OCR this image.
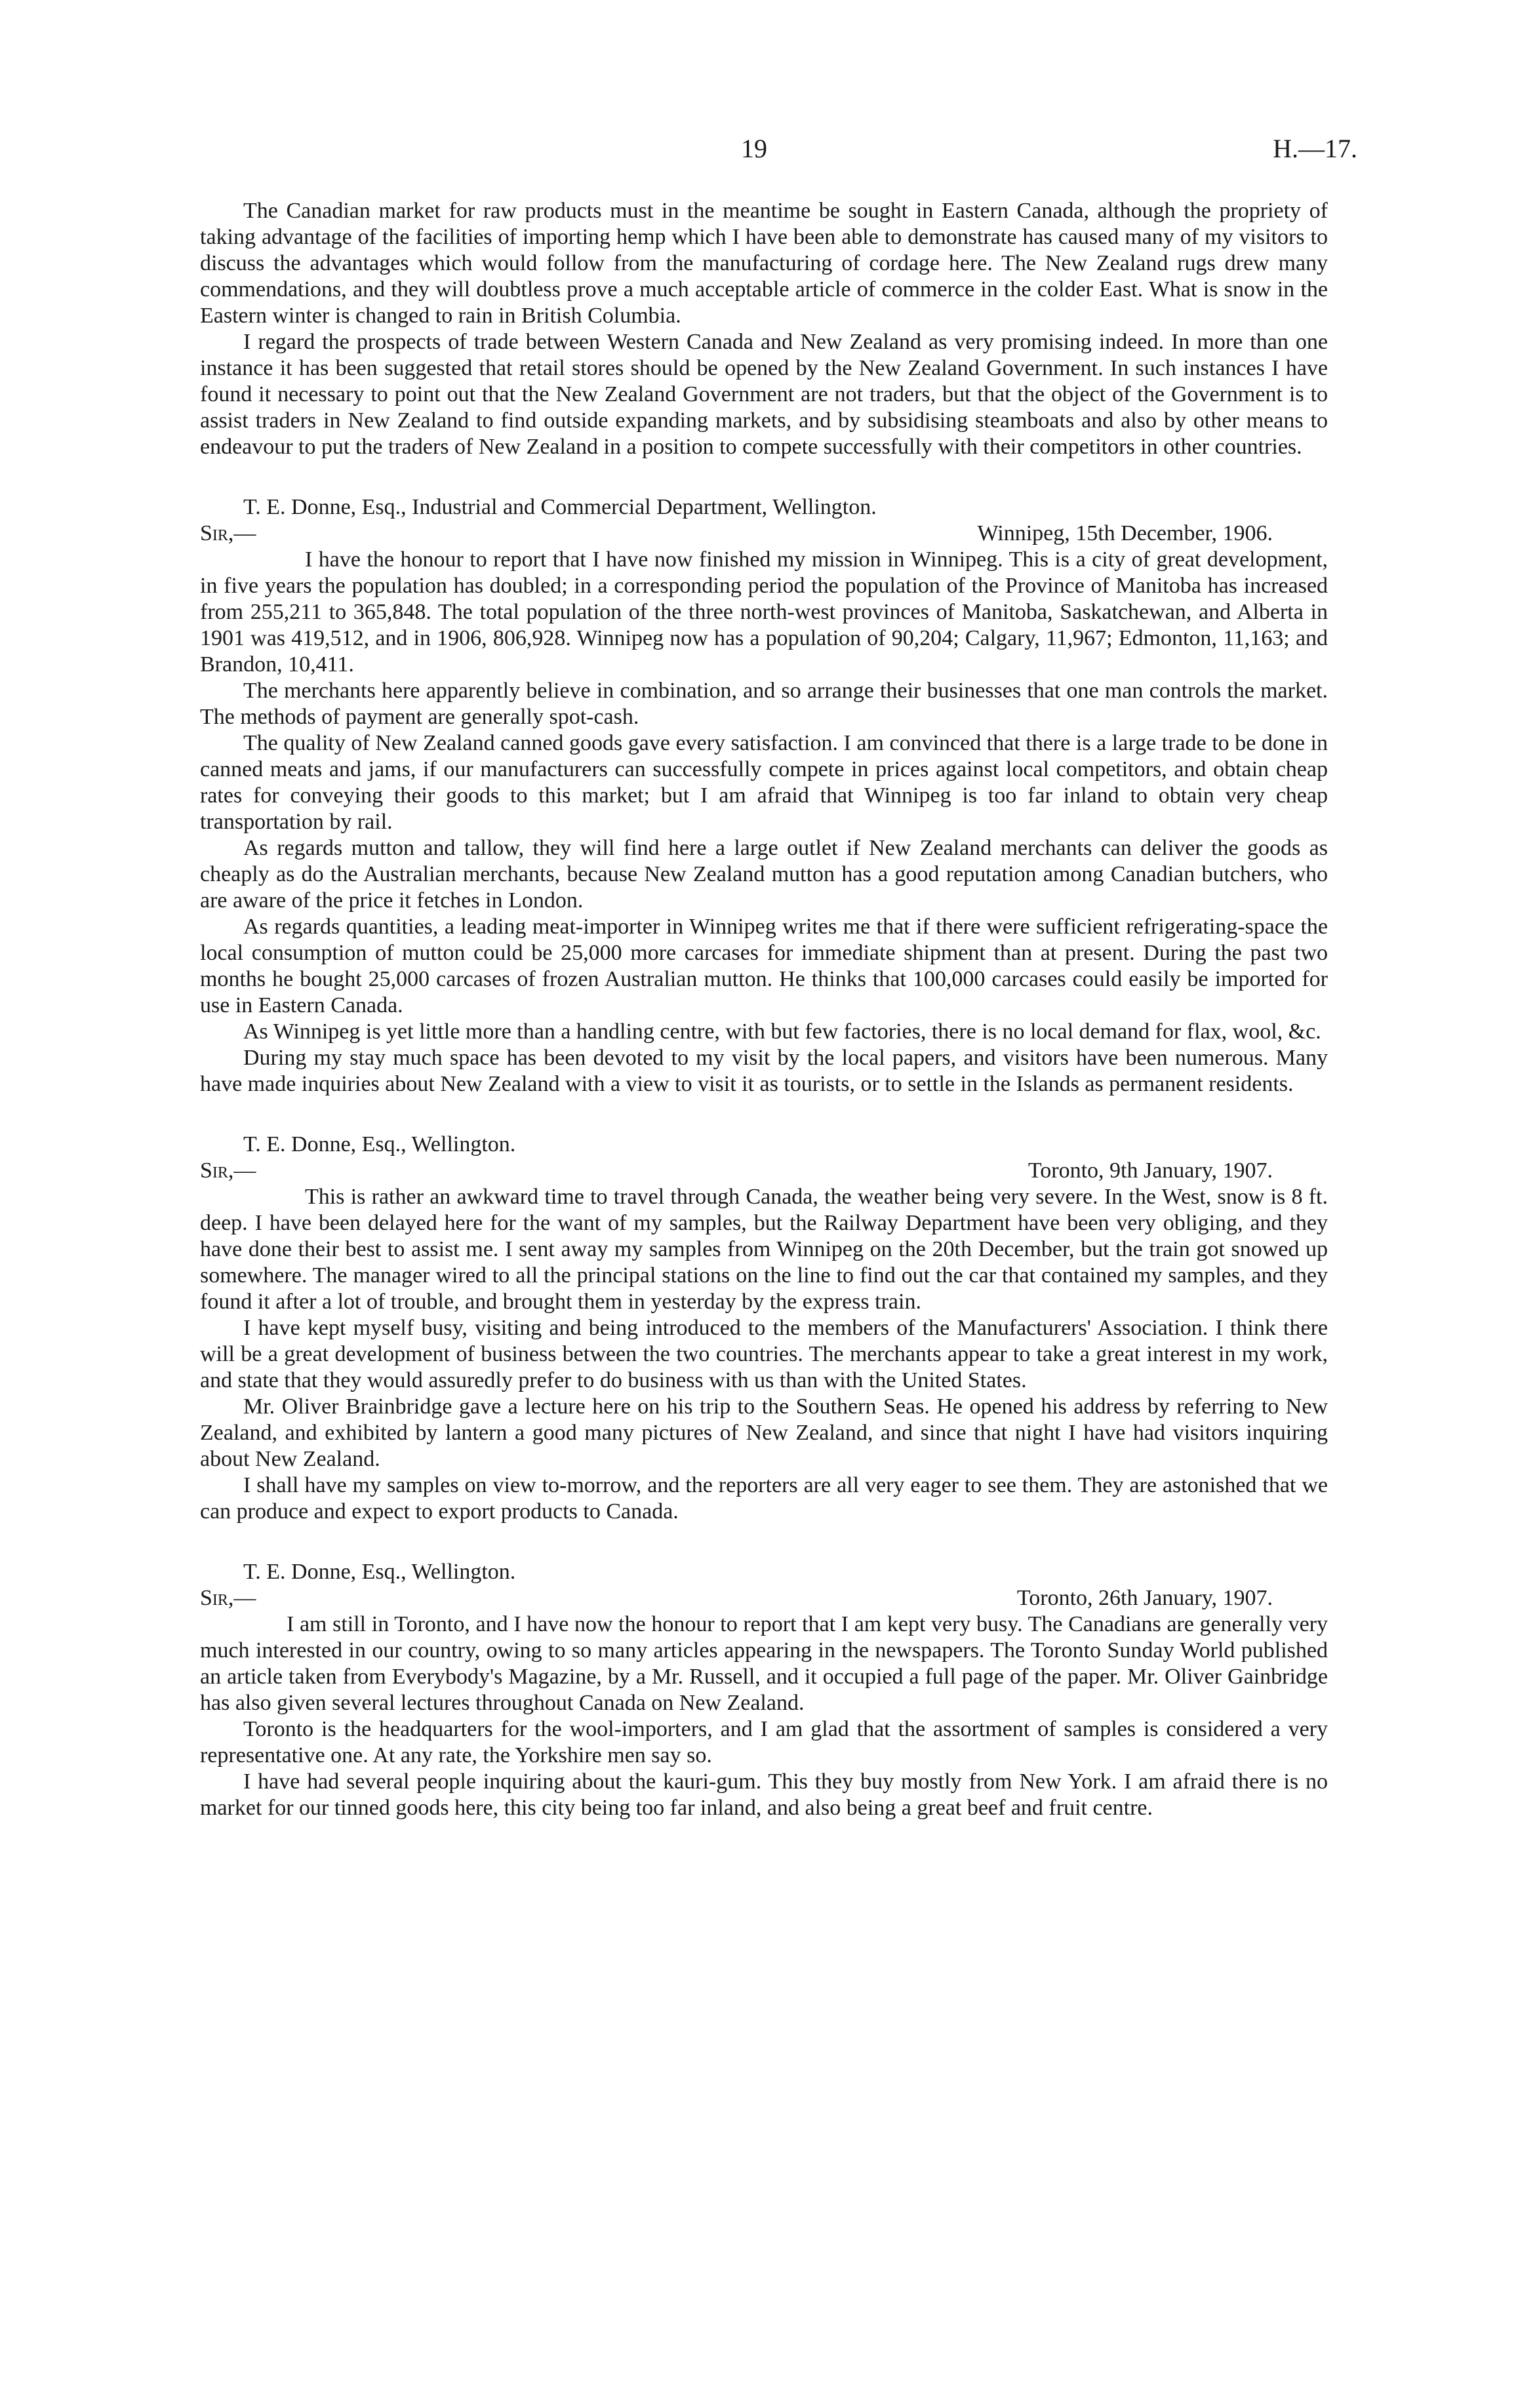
19	H.—17.

The Canadian market for raw products must in the meantime be sought in Eastern Canada, although the propriety of taking advantage of the facilities of importing hemp which I have been able to demonstrate has caused many of my visitors to discuss the advantages which would follow from the manufacturing of cordage here. The New Zealand rugs drew many commendations, and they will doubtless prove a much acceptable article of commerce in the colder East. What is snow in the Eastern winter is changed to rain in British Columbia.

I regard the prospects of trade between Western Canada and New Zealand as very promising indeed. In more than one instance it has been suggested that retail stores should be opened by the New Zealand Government. In such instances I have found it necessary to point out that the New Zealand Government are not traders, but that the object of the Government is to assist traders in New Zealand to find outside expanding markets, and by subsidising steamboats and also by other means to endeavour to put the traders of New Zealand in a position to compete successfully with their competitors in other countries.

T. E. Donne, Esq., Industrial and Commercial Department, Wellington.

Sir,—	Winnipeg, 15th December, 1906.

I have the honour to report that I have now finished my mission in Winnipeg. This is a city of great development, in five years the population has doubled; in a corresponding period the population of the Province of Manitoba has increased from 255,211 to 365,848. The total population of the three north-west provinces of Manitoba, Saskatchewan, and Alberta in 1901 was 419,512, and in 1906, 806,928. Winnipeg now has a population of 90,204; Calgary, 11,967; Edmonton, 11,163; and Brandon, 10,411.

The merchants here apparently believe in combination, and so arrange their businesses that one man controls the market. The methods of payment are generally spot-cash.

The quality of New Zealand canned goods gave every satisfaction. I am convinced that there is a large trade to be done in canned meats and jams, if our manufacturers can successfully compete in prices against local competitors, and obtain cheap rates for conveying their goods to this market; but I am afraid that Winnipeg is too far inland to obtain very cheap transportation by rail.

As regards mutton and tallow, they will find here a large outlet if New Zealand merchants can deliver the goods as cheaply as do the Australian merchants, because New Zealand mutton has a good reputation among Canadian butchers, who are aware of the price it fetches in London.

As regards quantities, a leading meat-importer in Winnipeg writes me that if there were sufficient refrigerating-space the local consumption of mutton could be 25,000 more carcases for immediate shipment than at present. During the past two months he bought 25,000 carcases of frozen Australian mutton. He thinks that 100,000 carcases could easily be imported for use in Eastern Canada.

As Winnipeg is yet little more than a handling centre, with but few factories, there is no local demand for flax, wool, &c.

During my stay much space has been devoted to my visit by the local papers, and visitors have been numerous. Many have made inquiries about New Zealand with a view to visit it as tourists, or to settle in the Islands as permanent residents.

T. E. Donne, Esq., Wellington.

Sir,—	Toronto, 9th January, 1907.

This is rather an awkward time to travel through Canada, the weather being very severe. In the West, snow is 8 ft. deep. I have been delayed here for the want of my samples, but the Railway Department have been very obliging, and they have done their best to assist me. I sent away my samples from Winnipeg on the 20th December, but the train got snowed up somewhere. The manager wired to all the principal stations on the line to find out the car that contained my samples, and they found it after a lot of trouble, and brought them in yesterday by the express train.

I have kept myself busy, visiting and being introduced to the members of the Manufacturers' Association. I think there will be a great development of business between the two countries. The merchants appear to take a great interest in my work, and state that they would assuredly prefer to do business with us than with the United States.

Mr. Oliver Brainbridge gave a lecture here on his trip to the Southern Seas. He opened his address by referring to New Zealand, and exhibited by lantern a good many pictures of New Zealand, and since that night I have had visitors inquiring about New Zealand.

I shall have my samples on view to-morrow, and the reporters are all very eager to see them. They are astonished that we can produce and expect to export products to Canada.

T. E. Donne, Esq., Wellington.

Sir,—	Toronto, 26th January, 1907.

I am still in Toronto, and I have now the honour to report that I am kept very busy. The Canadians are generally very much interested in our country, owing to so many articles appearing in the newspapers. The Toronto Sunday World published an article taken from Everybody's Magazine, by a Mr. Russell, and it occupied a full page of the paper. Mr. Oliver Gainbridge has also given several lectures throughout Canada on New Zealand.

Toronto is the headquarters for the wool-importers, and I am glad that the assortment of samples is considered a very representative one. At any rate, the Yorkshire men say so.

I have had several people inquiring about the kauri-gum. This they buy mostly from New York. I am afraid there is no market for our tinned goods here, this city being too far inland, and also being a great beef and fruit centre.
